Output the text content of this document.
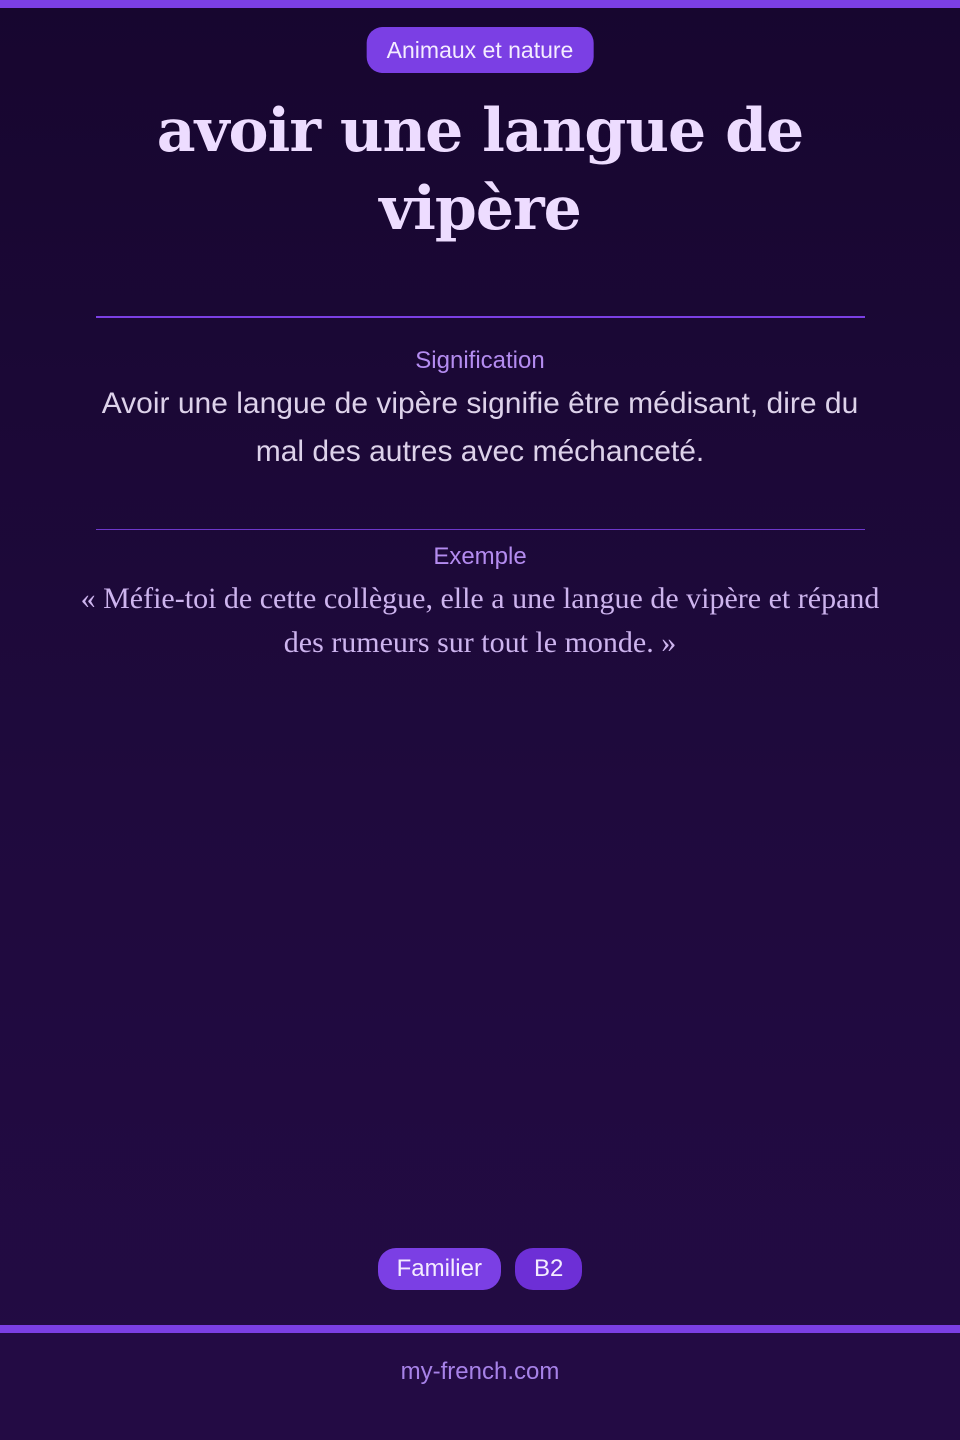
Animaux et nature
avoir une langue de vipère
Signification
Avoir une langue de vipère signifie être médisant, dire du mal des autres avec méchanceté.
Exemple
« Méfie-toi de cette collègue, elle a une langue de vipère et répand des rumeurs sur tout le monde. »
Familier	B2
my-french.com
